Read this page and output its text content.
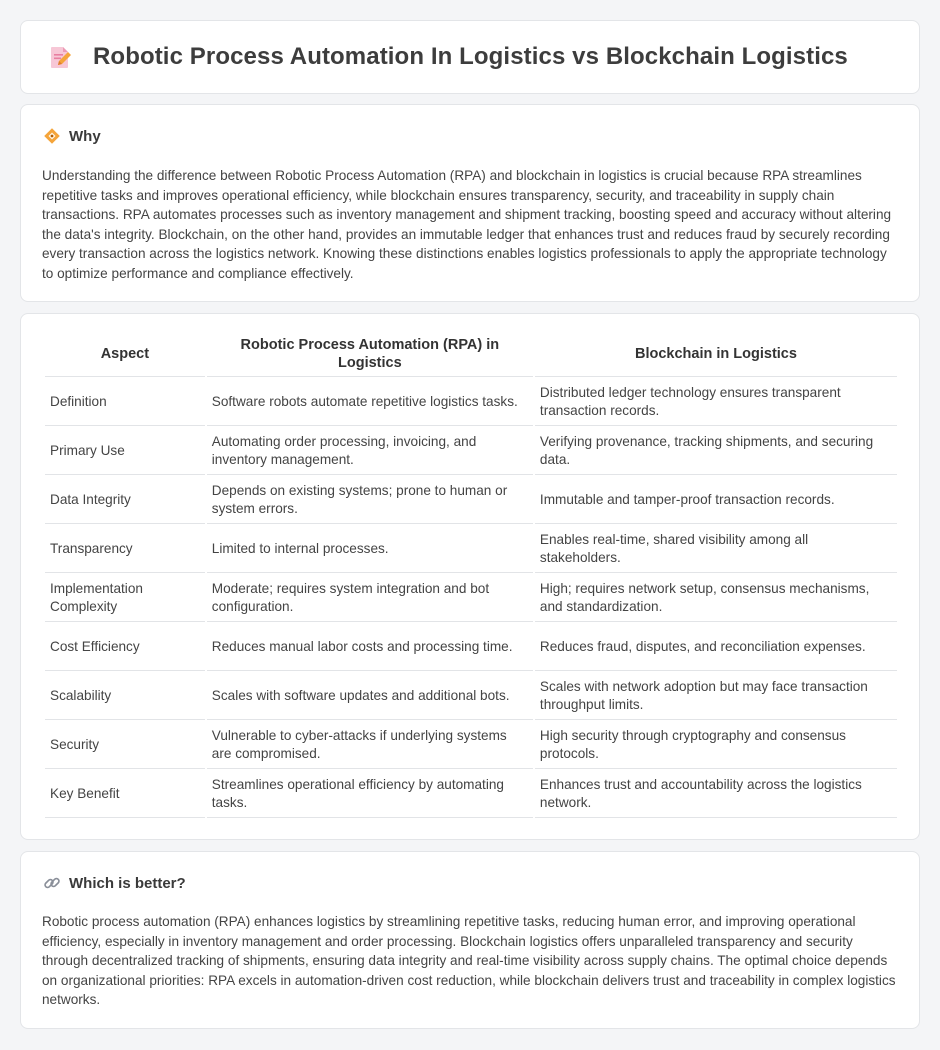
Robotic Process Automation In Logistics vs Blockchain Logistics
Why

Understanding the difference between Robotic Process Automation (RPA) and blockchain in logistics is crucial because RPA streamlines repetitive tasks and improves operational efficiency, while blockchain ensures transparency, security, and traceability in supply chain transactions. RPA automates processes such as inventory management and shipment tracking, boosting speed and accuracy without altering the data's integrity. Blockchain, on the other hand, provides an immutable ledger that enhances trust and reduces fraud by securely recording every transaction across the logistics network. Knowing these distinctions enables logistics professionals to apply the appropriate technology to optimize performance and compliance effectively.

Aspect	Robotic Process Automation (RPA) in Logistics	Blockchain in Logistics
Definition	Software robots automate repetitive logistics tasks.	Distributed ledger technology ensures transparent transaction records.
Primary Use	Automating order processing, invoicing, and inventory management.	Verifying provenance, tracking shipments, and securing data.
Data Integrity	Depends on existing systems; prone to human or system errors.	Immutable and tamper-proof transaction records.
Transparency	Limited to internal processes.	Enables real-time, shared visibility among all stakeholders.
Implementation Complexity	Moderate; requires system integration and bot configuration.	High; requires network setup, consensus mechanisms, and standardization.
Cost Efficiency	Reduces manual labor costs and processing time.	Reduces fraud, disputes, and reconciliation expenses.
Scalability	Scales with software updates and additional bots.	Scales with network adoption but may face transaction throughput limits.
Security	Vulnerable to cyber-attacks if underlying systems are compromised.	High security through cryptography and consensus protocols.
Key Benefit	Streamlines operational efficiency by automating tasks.	Enhances trust and accountability across the logistics network.
Which is better?

Robotic process automation (RPA) enhances logistics by streamlining repetitive tasks, reducing human error, and improving operational efficiency, especially in inventory management and order processing. Blockchain logistics offers unparalleled transparency and security through decentralized tracking of shipments, ensuring data integrity and real-time visibility across supply chains. The optimal choice depends on organizational priorities: RPA excels in automation-driven cost reduction, while blockchain delivers trust and traceability in complex logistics networks.
